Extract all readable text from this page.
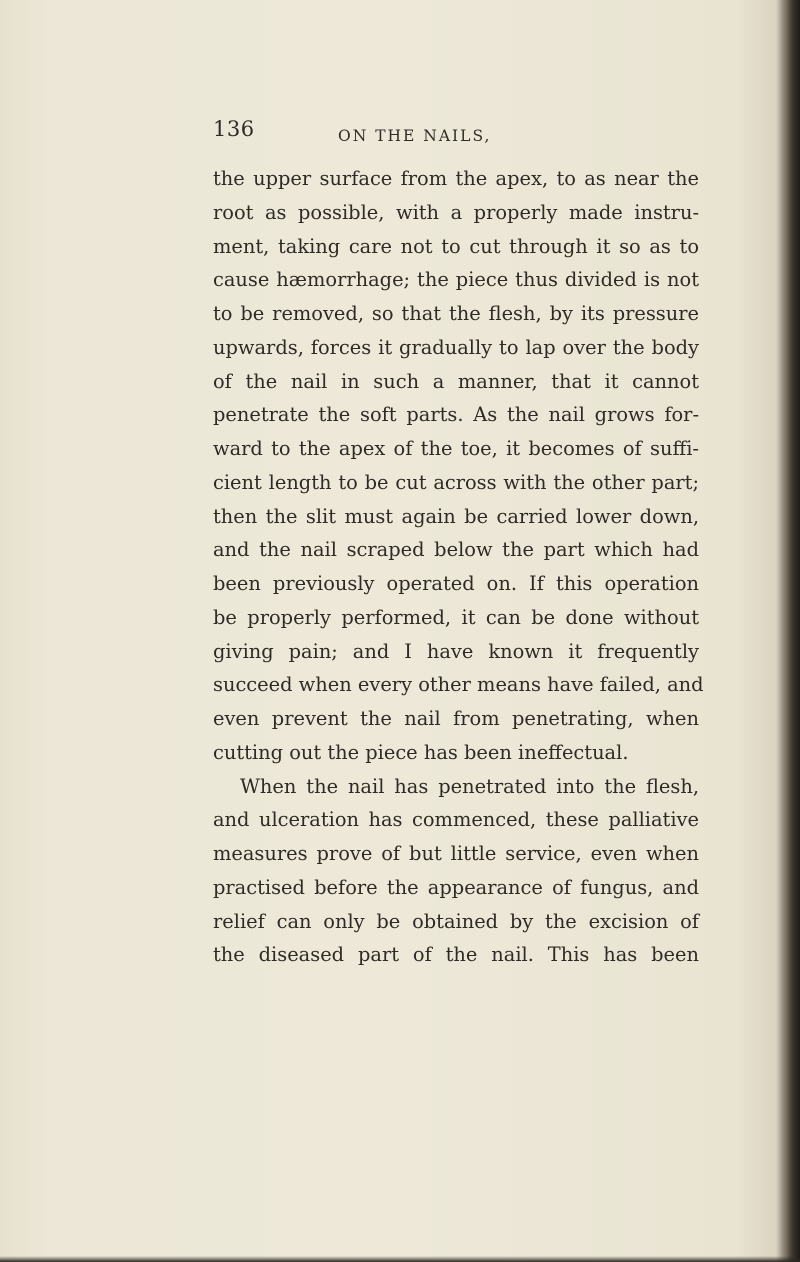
136	ON THE NAILS,
the upper surface from the apex, to as near the
root as possible, with a properly made instru-
ment, taking care not to cut through it so as to
cause hæmorrhage; the piece thus divided is not
to be removed, so that the flesh, by its pressure
upwards, forces it gradually to lap over the body
of the nail in such a manner, that it cannot
penetrate the soft parts. As the nail grows for-
ward to the apex of the toe, it becomes of suffi-
cient length to be cut across with the other part;
then the slit must again be carried lower down,
and the nail scraped below the part which had
been previously operated on. If this operation
be properly performed, it can be done without
giving pain; and I have known it frequently
succeed when every other means have failed, and
even prevent the nail from penetrating, when
cutting out the piece has been ineffectual.
When the nail has penetrated into the flesh,
and ulceration has commenced, these palliative
measures prove of but little service, even when
practised before the appearance of fungus, and
relief can only be obtained by the excision of
the diseased part of the nail. This has been
